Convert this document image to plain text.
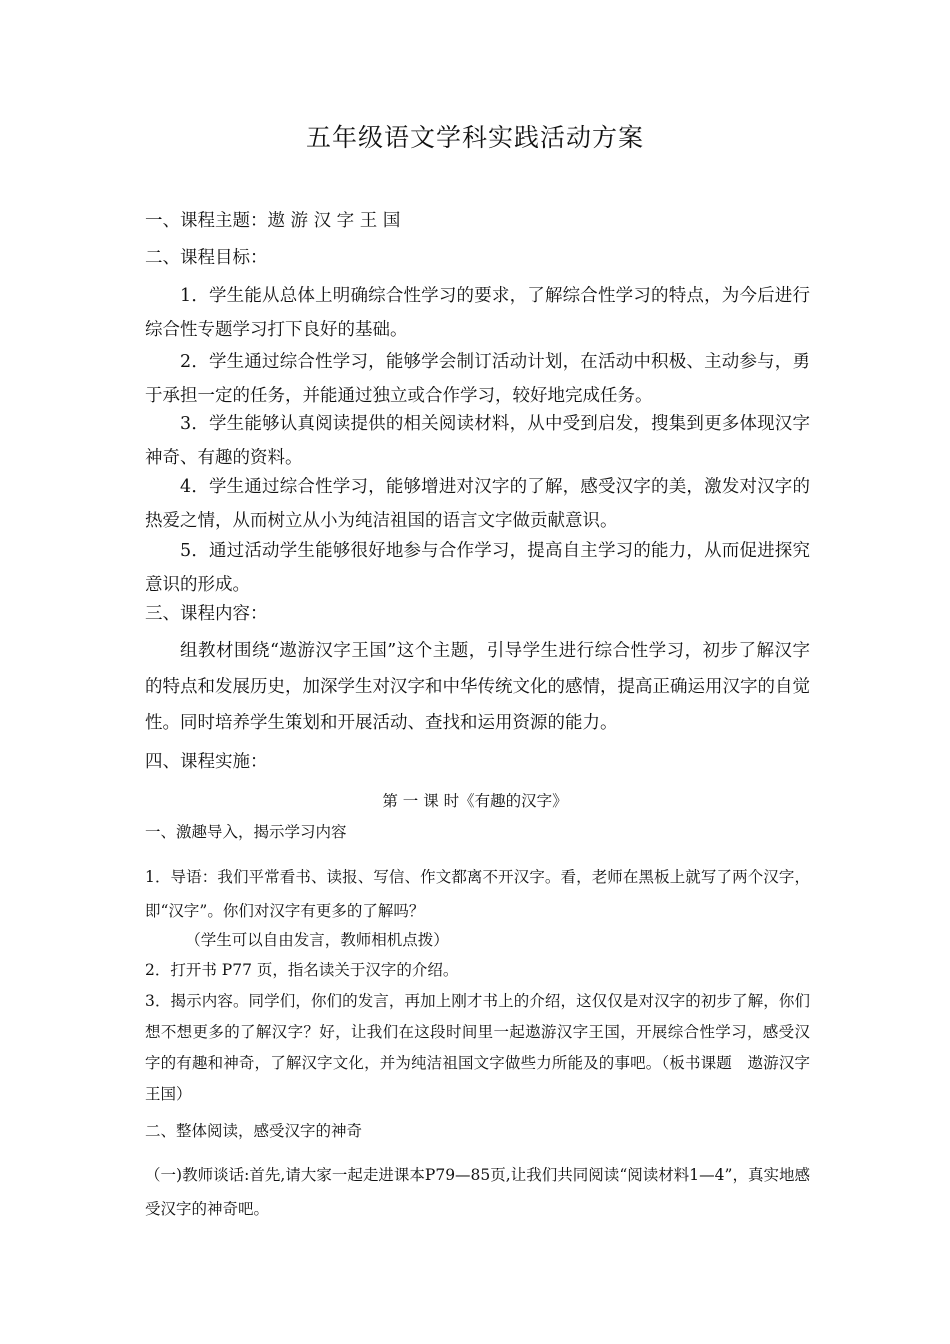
五年级语文学科实践活动方案
一、课程主题：遨 游 汉 字 王 国
二、课程目标：
1．学生能从总体上明确综合性学习的要求，了解综合性学习的特点，为今后进行综合性专题学习打下良好的基础。
2．学生通过综合性学习，能够学会制订活动计划，在活动中积极、主动参与，勇于承担一定的任务，并能通过独立或合作学习，较好地完成任务。
3．学生能够认真阅读提供的相关阅读材料，从中受到启发，搜集到更多体现汉字神奇、有趣的资料。
4．学生通过综合性学习，能够增进对汉字的了解，感受汉字的美，激发对汉字的热爱之情，从而树立从小为纯洁祖国的语言文字做贡献意识。
5．通过活动学生能够很好地参与合作学习，提高自主学习的能力，从而促进探究意识的形成。
三、课程内容：
组教材围绕“遨游汉字王国”这个主题，引导学生进行综合性学习，初步了解汉字的特点和发展历史，加深学生对汉字和中华传统文化的感情，提高正确运用汉字的自觉性。同时培养学生策划和开展活动、查找和运用资源的能力。
四、课程实施：
第 一 课 时《有趣的汉字》
一、激趣导入，揭示学习内容
1．导语：我们平常看书、读报、写信、作文都离不开汉字。看，老师在黑板上就写了两个汉字，即“汉字”。你们对汉字有更多的了解吗？
（学生可以自由发言，教师相机点拨）
2．打开书 P77 页，指名读关于汉字的介绍。
3．揭示内容。同学们，你们的发言，再加上刚才书上的介绍，这仅仅是对汉字的初步了解，你们想不想更多的了解汉字？好，让我们在这段时间里一起遨游汉字王国，开展综合性学习，感受汉字的有趣和神奇，了解汉字文化，并为纯洁祖国文字做些力所能及的事吧。（板书课题　遨游汉字王国）
二、整体阅读，感受汉字的神奇
（一)教师谈话:首先,请大家一起走进课本P79—85页,让我们共同阅读“阅读材料1—4”，真实地感受汉字的神奇吧。
